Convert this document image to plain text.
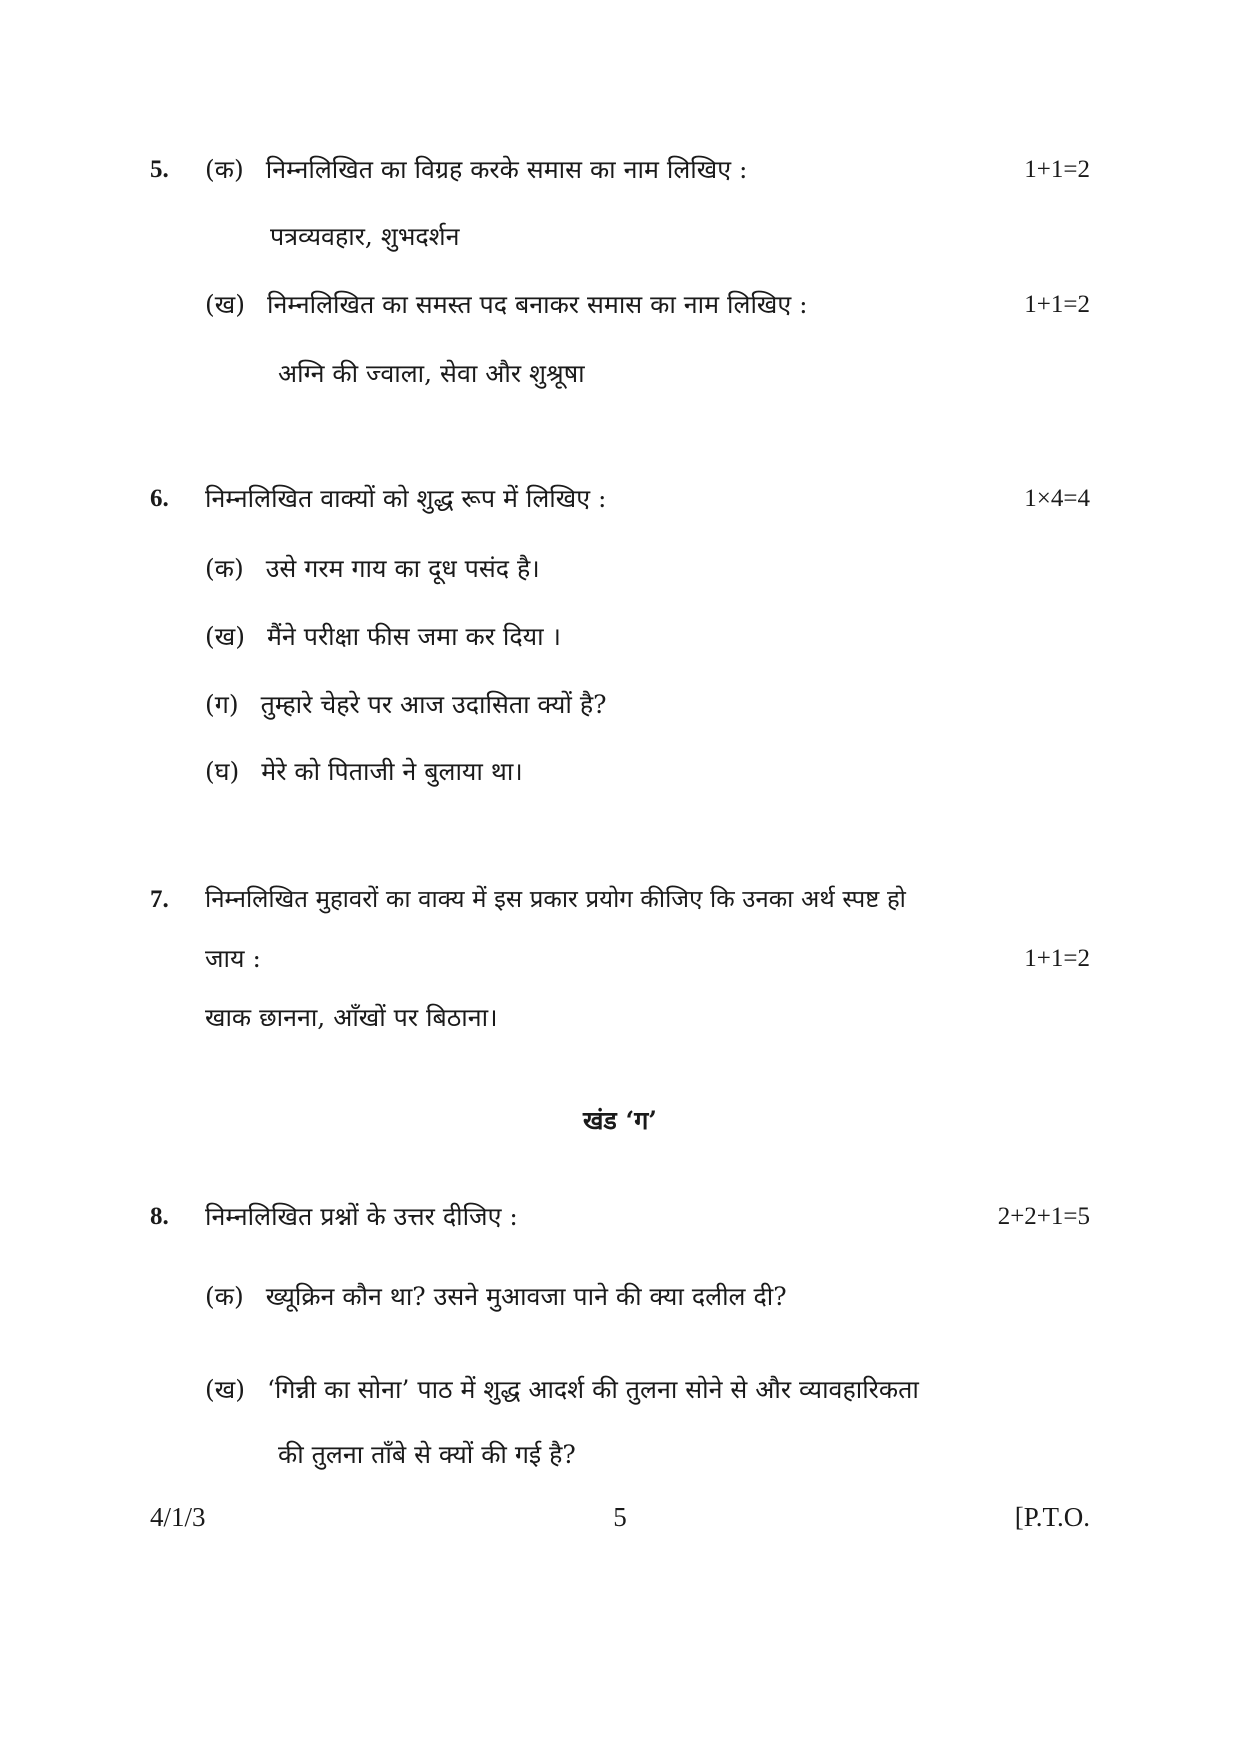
5. (क) निम्नलिखित का विग्रह करके समास का नाम लिखिए :	1+1=2
पत्रव्यवहार, शुभदर्शन
(ख) निम्नलिखित का समस्त पद बनाकर समास का नाम लिखिए :	1+1=2
अग्नि की ज्वाला, सेवा और शुश्रूषा
6. निम्नलिखित वाक्यों को शुद्ध रूप में लिखिए :	1×4=4
(क) उसे गरम गाय का दूध पसंद है।
(ख) मैंने परीक्षा फीस जमा कर दिया ।
(ग) तुम्हारे चेहरे पर आज उदासिता क्यों है?
(घ) मेरे को पिताजी ने बुलाया था।
7. निम्नलिखित मुहावरों का वाक्य में इस प्रकार प्रयोग कीजिए कि उनका अर्थ स्पष्ट हो
जाय :	1+1=2
खाक छानना, आँखों पर बिठाना।
खंड ‘ग’
8. निम्नलिखित प्रश्नों के उत्तर दीजिए :	2+2+1=5
(क) ख्यूक्रिन कौन था? उसने मुआवजा पाने की क्या दलील दी?
(ख) ‘गिन्नी का सोना’ पाठ में शुद्ध आदर्श की तुलना सोने से और व्यावहारिकता
की तुलना ताँबे से क्यों की गई है?
4/1/3	5	[P.T.O.
